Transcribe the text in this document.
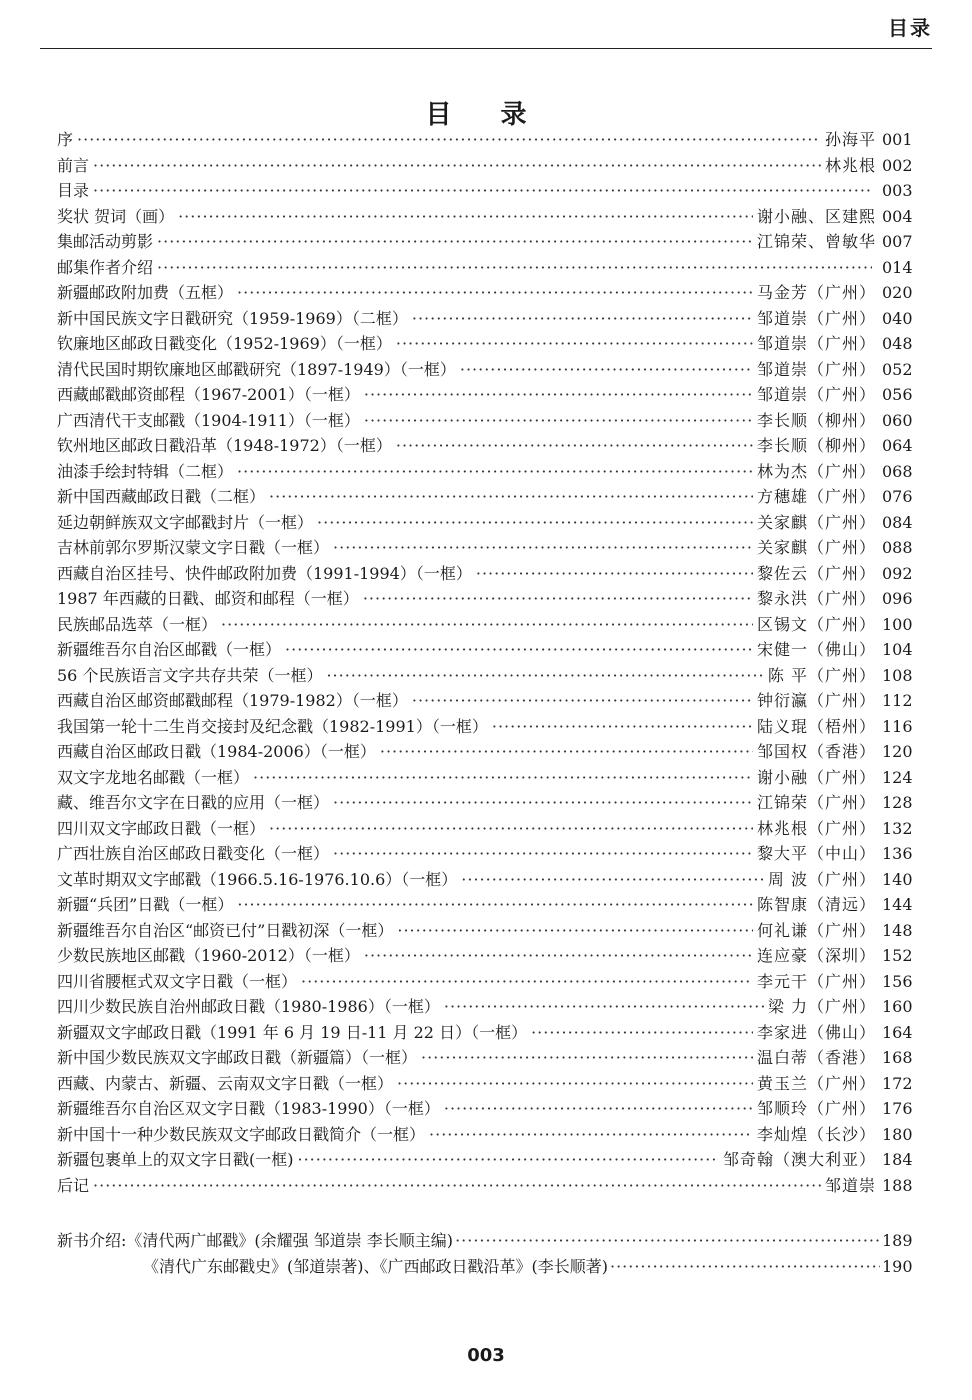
目录
目 录
序 ·····	孙海平 001
前言 ·····	林兆根 002
目录 ·····	003
奖状 贺词（画） ·····	谢小融、区建熙 004
集邮活动剪影 ·····	江锦荣、曾敏华 007
邮集作者介绍 ·····	014
新疆邮政附加费（五框） ·····	马金芳（广州） 020
新中国民族文字日戳研究（1959-1969）（二框） ·····	邹道崇（广州） 040
钦廉地区邮政日戳变化（1952-1969）（一框） ·····	邹道崇（广州） 048
清代民国时期钦廉地区邮戳研究（1897-1949）（一框） ·····	邹道崇（广州） 052
西藏邮戳邮资邮程（1967-2001）（一框） ·····	邹道崇（广州） 056
广西清代干支邮戳（1904-1911）（一框） ·····	李长顺（柳州） 060
钦州地区邮政日戳沿革（1948-1972）（一框） ·····	李长顺（柳州） 064
油漆手绘封特辑（二框） ·····	林为杰（广州） 068
新中国西藏邮政日戳（二框） ·····	方穗雄（广州） 076
延边朝鲜族双文字邮戳封片（一框） ·····	关家麒（广州） 084
吉林前郭尔罗斯汉蒙文字日戳（一框） ·····	关家麒（广州） 088
西藏自治区挂号、快件邮政附加费（1991-1994）（一框） ·····	黎佐云（广州） 092
1987 年西藏的日戳、邮资和邮程（一框） ·····	黎永洪（广州） 096
民族邮品选萃（一框） ·····	区锡文（广州） 100
新疆维吾尔自治区邮戳（一框） ·····	宋健一（佛山） 104
56 个民族语言文字共存共荣（一框） ·····	陈 平（广州） 108
西藏自治区邮资邮戳邮程（1979-1982）（一框） ·····	钟衍瀛（广州） 112
我国第一轮十二生肖交接封及纪念戳（1982-1991）（一框） ·····	陆义琨（梧州） 116
西藏自治区邮政日戳（1984-2006）（一框） ·····	邹国权（香港） 120
双文字龙地名邮戳（一框） ·····	谢小融（广州） 124
藏、维吾尔文字在日戳的应用（一框） ·····	江锦荣（广州） 128
四川双文字邮政日戳（一框） ·····	林兆根（广州） 132
广西壮族自治区邮政日戳变化（一框） ·····	黎大平（中山） 136
文革时期双文字邮戳（1966.5.16-1976.10.6）（一框） ·····	周 波（广州） 140
新疆“兵团”日戳（一框） ·····	陈智康（清远） 144
新疆维吾尔自治区“邮资已付”日戳初深（一框） ·····	何礼谦（广州） 148
少数民族地区邮戳（1960-2012）（一框） ·····	连应豪（深圳） 152
四川省腰框式双文字日戳（一框） ·····	李元干（广州） 156
四川少数民族自治州邮政日戳（1980-1986）（一框） ·····	梁 力（广州） 160
新疆双文字邮政日戳（1991 年 6 月 19 日-11 月 22 日）（一框） ·····	李家进（佛山） 164
新中国少数民族双文字邮政日戳（新疆篇）（一框） ·····	温白蒂（香港） 168
西藏、内蒙古、新疆、云南双文字日戳（一框） ·····	黄玉兰（广州） 172
新疆维吾尔自治区双文字日戳（1983-1990）（一框） ·····	邹顺玲（广州） 176
新中国十一种少数民族双文字邮政日戳简介（一框） ·····	李灿煌（长沙） 180
新疆包裹单上的双文字日戳(一框) ·····	邹奇翰（澳大利亚） 184
后记 ·····	邹道崇 188
新书介绍:《清代两广邮戳》(余耀强 邹道崇 李长顺主编) ·····	189
《清代广东邮戳史》(邹道崇著)、《广西邮政日戳沿革》(李长顺著) ·····	190
003
